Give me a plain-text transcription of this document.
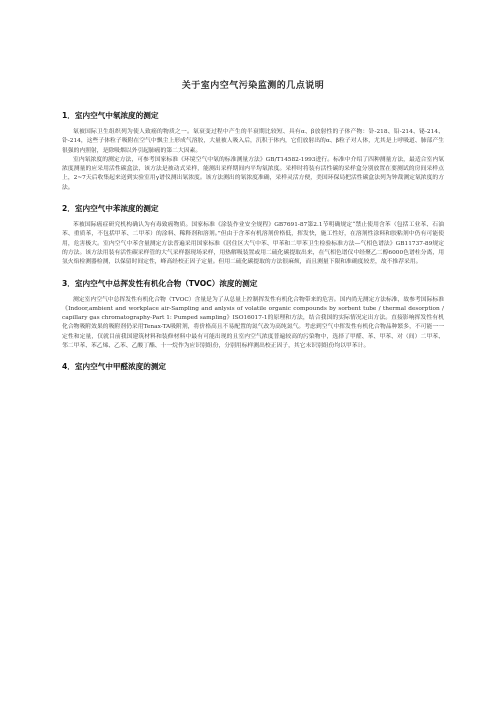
关于室内空气污染监测的几点说明
1．室内空气中氡浓度的测定

氡被国际卫生组织列为使人致癌的物质之一。氡衰变过程中产生的半衰期比较短、具有α、β放射性的子体产物：钋-218、铅-214、铋-214、钋-214，这些子体粒子吸附在空气中飘尘上形成气溶胶，大量被人吸入后，沉积于体内，它们放射出的α、β粒子对人体，尤其是上呼吸道、肺部产生很强的内照射，是除吸烟以外引起肺癌的第二大因素。

室内氡浓度的测定方法，可参考国家标准《环境空气中氡的标准测量方法》GB/T14582-1993进行。标准中介绍了四种测量方法，最适合室内氡浓度测量的应采用活性碳盒法，该方法是被动式采样，能测出采样期间内平均氡浓度。采样时将装有活性碳的采样盒分别放置在要测试的房间采样点上，2~7天后收集起来送到实验室用γ谱仪测出氡浓度。该方法测出的氡浓度准确，采样灵活方便，美国环保局把活性碳盒法列为钟裁测定氡浓度的方法。

2．室内空气中苯浓度的测定

苯被国际癌症研究机构确认为有毒致癌物质。国家标准《涂装作业安全规程》GB7691-87第2.1节明确规定“禁止使用含苯（包括工业苯、石油苯、重质苯，不包括甲苯、二甲苯）的涂料、稀释剂和溶剂。”但由于含苯有机溶剂价格低，挥发快，施工性好，在溶剂性涂料和胶粘剂中仍有可能使用，危害极大。室内空气中苯含量测定方法普遍采用国家标准《居住区大气中苯、甲苯和二甲苯卫生检验标准方法—气相色谱法》GB11737-89规定的方法。该方法用装有活性碳采样管的大气采样器现场采样，用热解吸装置或用二硫化碳提取出来，在气相色谱仪中经聚乙二醇6000色谱柱分离，用氢火焰检测器检测，以保留时间定性，峰高经校正因子定量。但用二硫化碳提取的方法很麻烦，而且测量下限和准确度较差，故不推荐采用。

3．室内空气中总挥发性有机化合物（TVOC）浓度的测定

测定室内空气中总挥发性有机化合物（TVOC）含量是为了从总量上控制挥发性有机化合物带来的危害。国内尚无测定方法标准，故参考国际标准《Indoor,ambient and workplace air-Sampling and anlysis of volatile organic compounds by sorbent tube / thermal desorption / capillary gas chromatography-Part 1: Pumped sampling》ISO16017-1的原理和方法，结合我国的实际情况定出方法。直接影响挥发性有机化合物吸附效果的吸附剂仍采用Tenax-TA吸附剂，将价格高且不易配置的氮气改为高纯氮气。考虑到空气中挥发性有机化合物品种繁多，不可能一一定性和定量，仅就目前我国建筑材料和装修材料中最有可能出现的且室内空气浓度普遍较高的污染物中，选择了甲醛、苯、甲苯、对（间）二甲苯、邻二甲苯、苯乙烯、乙苯、乙酸丁酯、十一烷作为应识别组份，分别用标样测出校正因子，其它未识别组份均以甲苯计。

4．室内空气中甲醛浓度的测定
